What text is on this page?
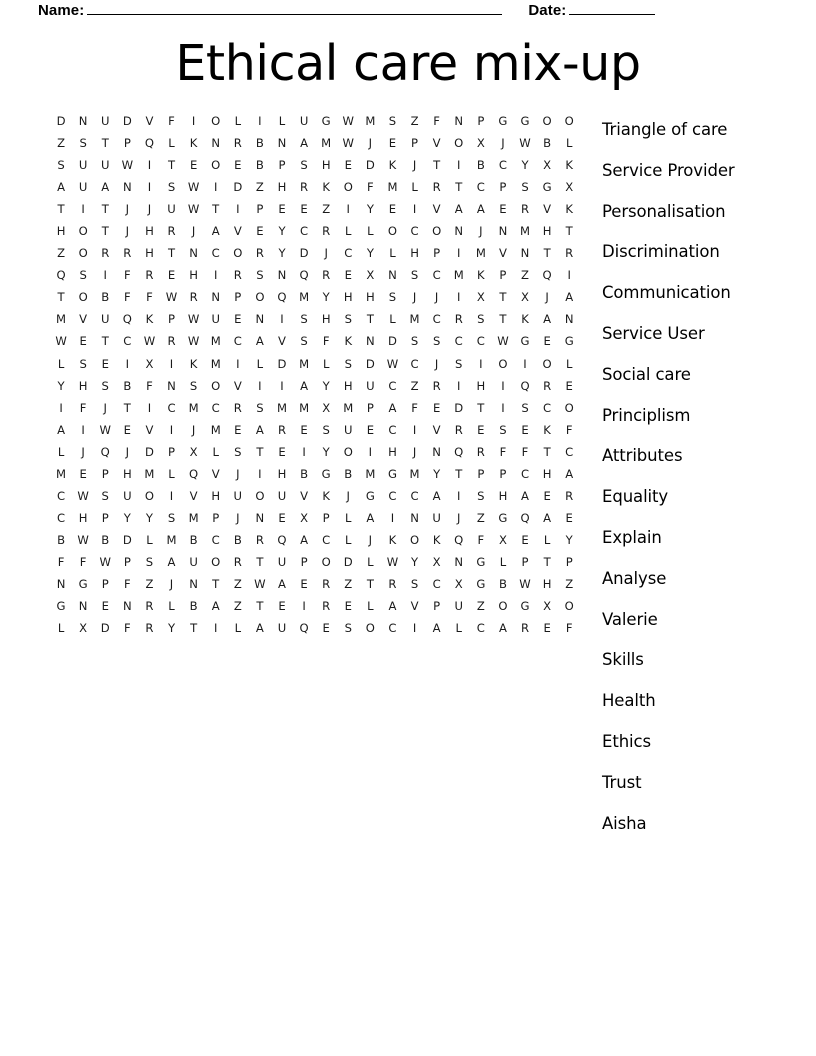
Name:	Date:
Ethical care mix-up
D N U D V F I O L I L U G W M S Z F N P G G O O
Z S T P Q L K N R B N A M W J E P V O X J W B L
S U U W I T E O E B P S H E D K J T I B C Y X K
A U A N I S W I D Z H R K O F M L R T C P S G X
T I T J J U W T I P E E Z I Y E I V A A E R V K
H O T J H R J A V E Y C R L L O C O N J N M H T
Z O R R H T N C O R Y D J C Y L H P I M V N T R
Q S I F R E H I R S N Q R E X N S C M K P Z Q I
T O B F F W R N P O Q M Y H H S J J I X T X J A
M V U Q K P W U E N I S H S T L M C R S T K A N
W E T C W R W M C A V S F K N D S S C C W G E G
L S E I X I K M I L D M L S D W C J S I O I O L
Y H S B F N S O V I I A Y H U C Z R I H I Q R E
I F J T I C M C R S M M X M P A F E D T I S C O
A I W E V I J M E A R E S U E C I V R E S E K F
L J Q J D P X L S T E I Y O I H J N Q R F F T C
M E P H M L Q V J I H B G B M G M Y T P P C H A
C W S U O I V H U O U V K J G C C A I S H A E R
C H P Y Y S M P J N E X P L A I N U J Z G Q A E
B W B D L M B C B R Q A C L J K O K Q F X E L Y
F F W P S A U O R T U P O D L W Y X N G L P T P
N G P F Z J N T Z W A E R Z T R S C X G B W H Z
G N E N R L B A Z T E I R E L A V P U Z O G X O
L X D F R Y T I L A U Q E S O C I A L C A R E F
Triangle of care
Service Provider
Personalisation
Discrimination
Communication
Service User
Social care
Principlism
Attributes
Equality
Explain
Analyse
Valerie
Skills
Health
Ethics
Trust
Aisha
